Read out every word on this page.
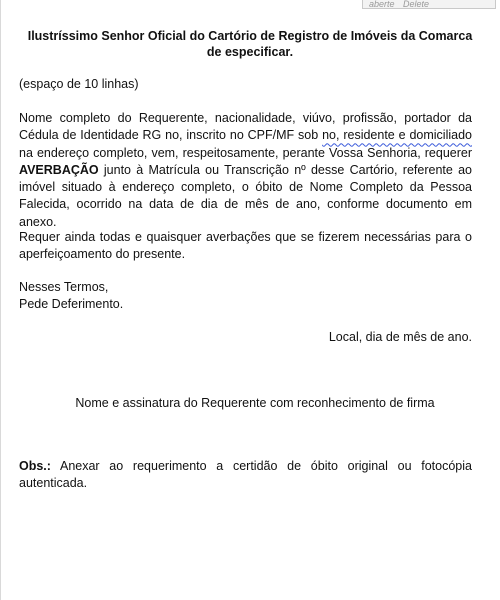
aberte Delete
Ilustríssimo Senhor Oficial do Cartório de Registro de Imóveis da Comarca
de especificar.
(espaço de 10 linhas)
Nome completo do Requerente, nacionalidade, viúvo, profissão, portador da Cédula de Identidade RG no, inscrito no CPF/MF sob no, residente e domiciliado na endereço completo, vem, respeitosamente, perante Vossa Senhoria, requerer AVERBAÇÃO junto à Matrícula ou Transcrição nº desse Cartório, referente ao imóvel situado à endereço completo, o óbito de Nome Completo da Pessoa Falecida, ocorrido na data de dia de mês de ano, conforme documento em anexo.
Requer ainda todas e quaisquer averbações que se fizerem necessárias para o aperfeiçoamento do presente.
Nesses Termos,
Pede Deferimento.
Local, dia de mês de ano.
Nome e assinatura do Requerente com reconhecimento de firma
Obs.: Anexar ao requerimento a certidão de óbito original ou fotocópia autenticada.
